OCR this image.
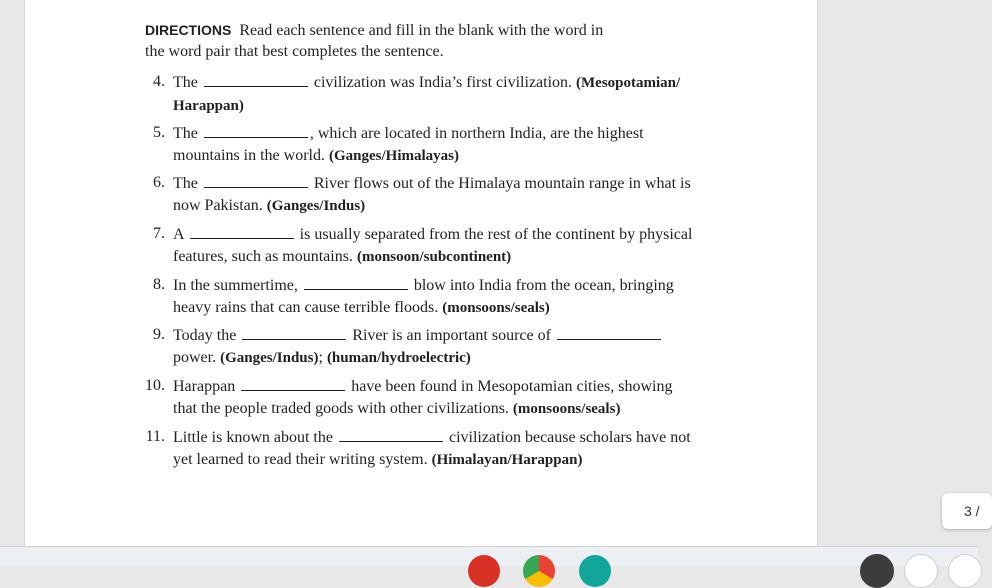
DIRECTIONS Read each sentence and fill in the blank with the word in the word pair that best completes the sentence.
4. The	civilization was India’s first civilization. (Mesopotamian/ Harappan)
5. The	, which are located in northern India, are the highest mountains in the world. (Ganges/Himalayas)
6. The	River flows out of the Himalaya mountain range in what is now Pakistan. (Ganges/Indus)
7. A	is usually separated from the rest of the continent by physical features, such as mountains. (monsoon/subcontinent)
8. In the summertime,	blow into India from the ocean, bringing heavy rains that can cause terrible floods. (monsoons/seals)
9. Today the	River is an important source of  power. (Ganges/Indus); (human/hydroelectric)
10. Harappan	have been found in Mesopotamian cities, showing that the people traded goods with other civilizations. (monsoons/seals)
11. Little is known about the	civilization because scholars have not yet learned to read their writing system. (Himalayan/Harappan)
3 /
